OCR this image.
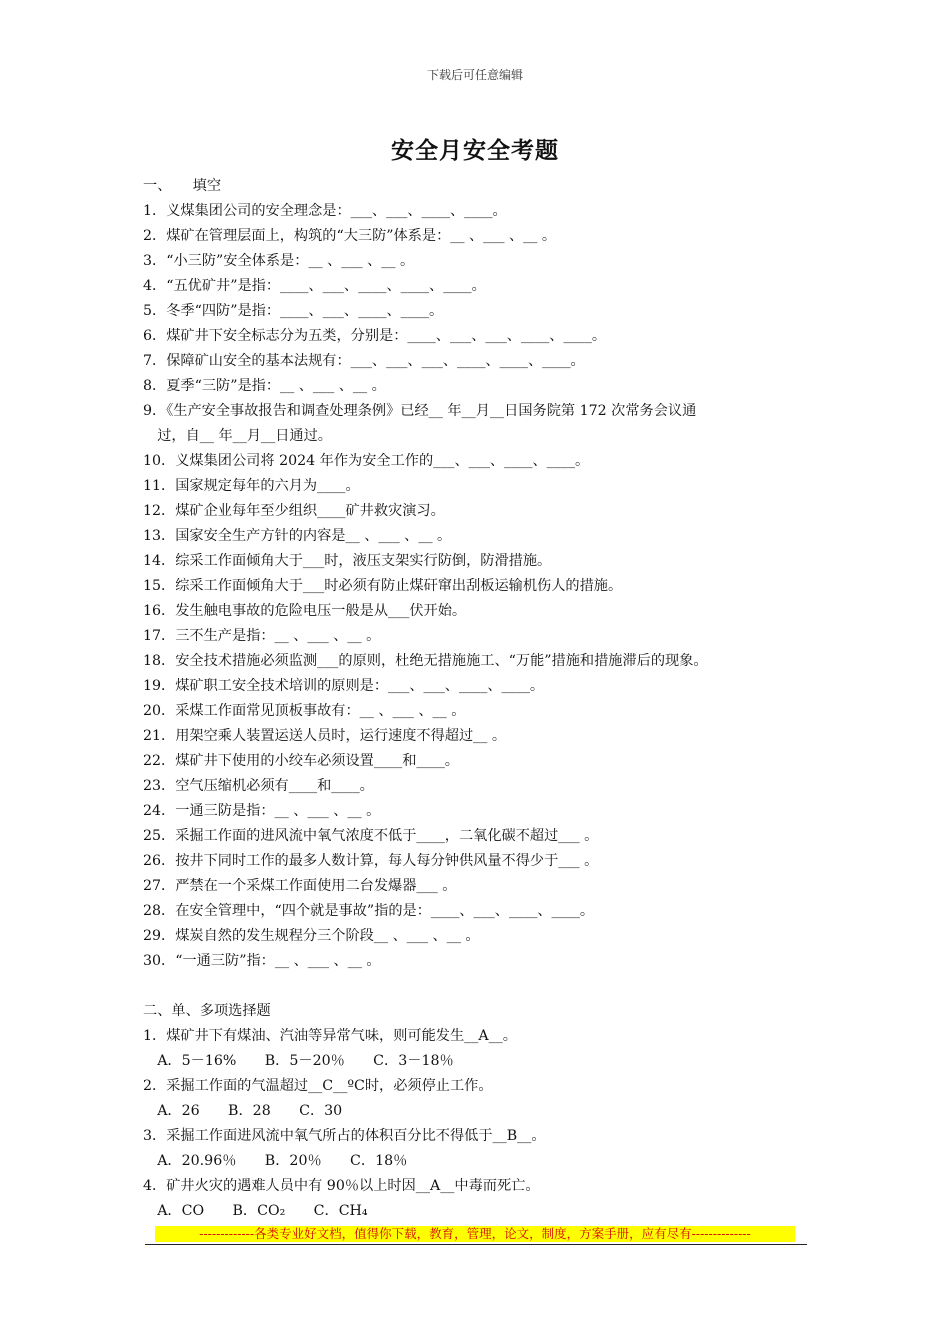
下载后可任意编辑
安全月安全考题
一、　　填空
1．义煤集团公司的安全理念是：___、___、____、____。
2．煤矿在管理层面上，构筑的“大三防”体系是：__ 、___ 、__ 。
3．“小三防”安全体系是：__ 、___ 、__ 。
4．“五优矿井”是指：____、___、____、____、____。
5．冬季“四防”是指：____、___、____、____。
6．煤矿井下安全标志分为五类，分别是：____、___、___、____、____。
7．保障矿山安全的基本法规有：___、___、___、____、____、____。
8．夏季“三防”是指：__ 、___ 、__ 。
9．《生产安全事故报告和调查处理条例》已经__ 年__月__日国务院第 172 次常务会议通
　过，自__ 年__月__日通过。
10．义煤集团公司将 2024 年作为安全工作的___、___、____、____。
11．国家规定每年的六月为____。
12．煤矿企业每年至少组织____矿井救灾演习。
13．国家安全生产方针的内容是__ 、___ 、__ 。
14．综采工作面倾角大于___时，液压支架实行防倒，防滑措施。
15．综采工作面倾角大于___时必须有防止煤矸窜出刮板运输机伤人的措施。
16．发生触电事故的危险电压一般是从___伏开始。
17．三不生产是指：__ 、___ 、__ 。
18．安全技术措施必须监测___的原则，杜绝无措施施工、“万能”措施和措施滞后的现象。
19．煤矿职工安全技术培训的原则是：___、___、____、____。
20．采煤工作面常见顶板事故有：__ 、___ 、__ 。
21．用架空乘人装置运送人员时，运行速度不得超过__ 。
22．煤矿井下使用的小绞车必须设置____和____。
23．空气压缩机必须有____和____。
24．一通三防是指：__ 、___ 、__ 。
25．采掘工作面的进风流中氧气浓度不低于____，二氧化碳不超过___ 。
26．按井下同时工作的最多人数计算，每人每分钟供风量不得少于___ 。
27．严禁在一个采煤工作面使用二台发爆器___ 。
28．在安全管理中，“四个就是事故”指的是：____、___、____、____。
29．煤炭自然的发生规程分三个阶段__ 、___ 、__ 。
30．“一通三防”指：__ 、___ 、__ 。
二、单、多项选择题
1．煤矿井下有煤油、汽油等异常气味，则可能发生__A__。
　A．5－16%　　B．5－20％　　C．3－18％
2．采掘工作面的气温超过__C__ºC时，必须停止工作。
　A．26　　B．28　　C．30
3．采掘工作面进风流中氧气所占的体积百分比不得低于__B__。
　A．20.96％　　B．20％　　C．18％
4．矿井火灾的遇难人员中有 90％以上时因__A__中毒而死亡。
　A．CO　　B．CO₂　　C．CH₄
-------------各类专业好文档，值得你下载，教育，管理，论文，制度，方案手册，应有尽有--------------
